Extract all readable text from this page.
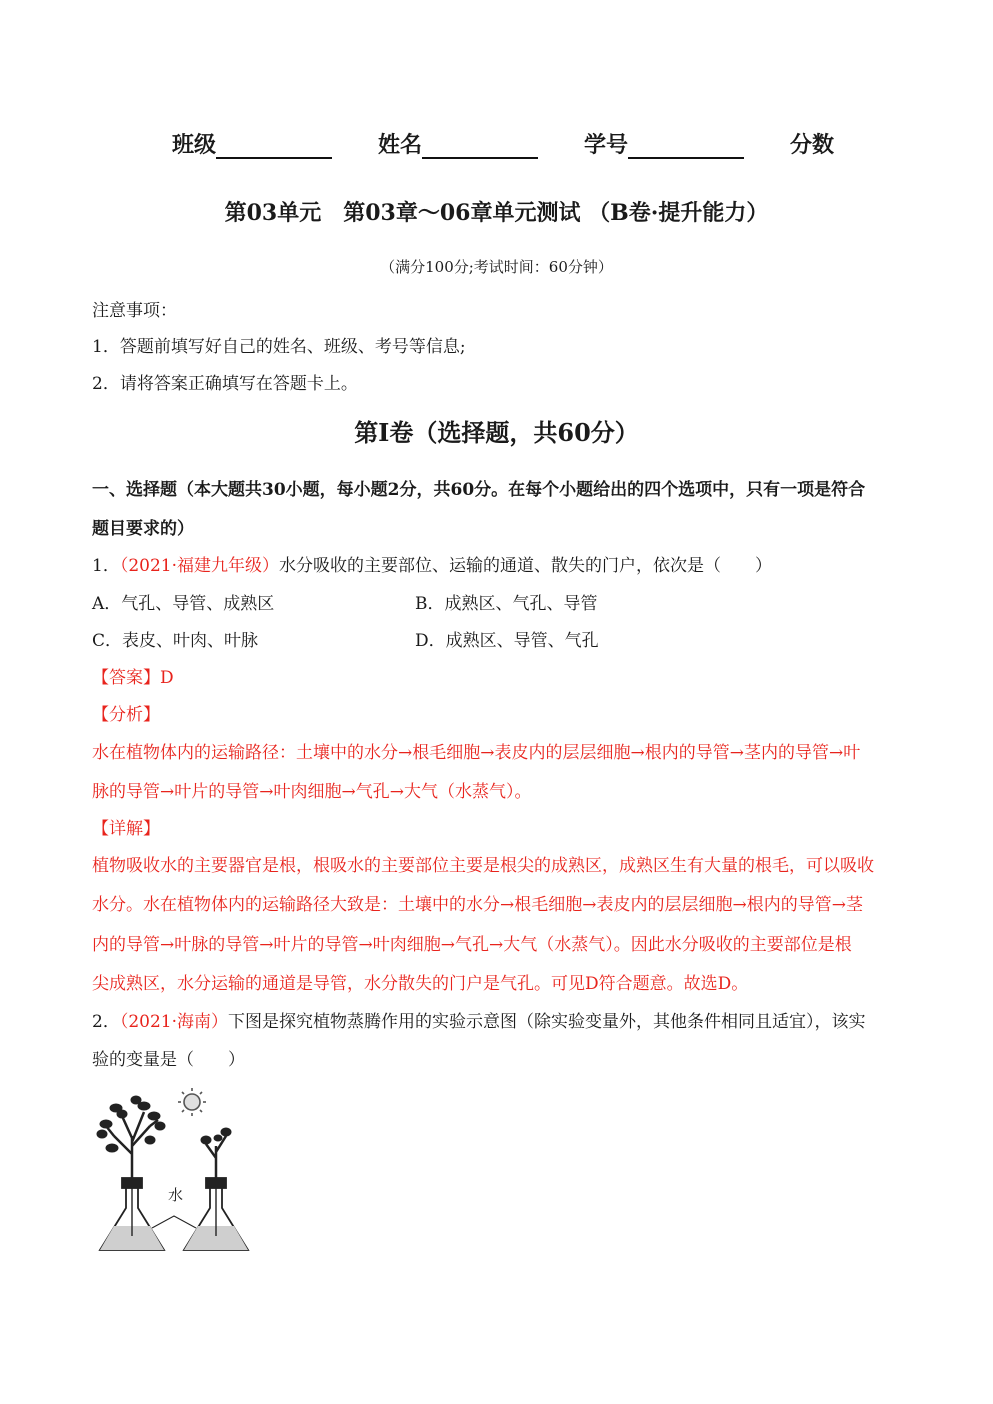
班级	姓名	学号	分数
第03单元　第03章～06章单元测试 （B卷·提升能力）
（满分100分;考试时间：60分钟）
注意事项：
1．答题前填写好自己的姓名、班级、考号等信息;
2．请将答案正确填写在答题卡上。
第I卷（选择题，共60分）
一、选择题（本大题共30小题，每小题2分，共60分。在每个小题给出的四个选项中，只有一项是符合
题目要求的）
1．（2021·福建九年级）水分吸收的主要部位、运输的通道、散失的门户，依次是（　　）
A．气孔、导管、成熟区	B．成熟区、气孔、导管
C．表皮、叶肉、叶脉	D．成熟区、导管、气孔
【答案】D
【分析】
水在植物体内的运输路径：土壤中的水分→根毛细胞→表皮内的层层细胞→根内的导管→茎内的导管→叶
脉的导管→叶片的导管→叶肉细胞→气孔→大气（水蒸气）。
【详解】
植物吸收水的主要器官是根，根吸水的主要部位主要是根尖的成熟区，成熟区生有大量的根毛，可以吸收
水分。水在植物体内的运输路径大致是：土壤中的水分→根毛细胞→表皮内的层层细胞→根内的导管→茎
内的导管→叶脉的导管→叶片的导管→叶肉细胞→气孔→大气（水蒸气）。因此水分吸收的主要部位是根
尖成熟区，水分运输的通道是导管，水分散失的门户是气孔。可见D符合题意。故选D。
2．（2021·海南）下图是探究植物蒸腾作用的实验示意图（除实验变量外，其他条件相同且适宜），该实
验的变量是（　　）
水
